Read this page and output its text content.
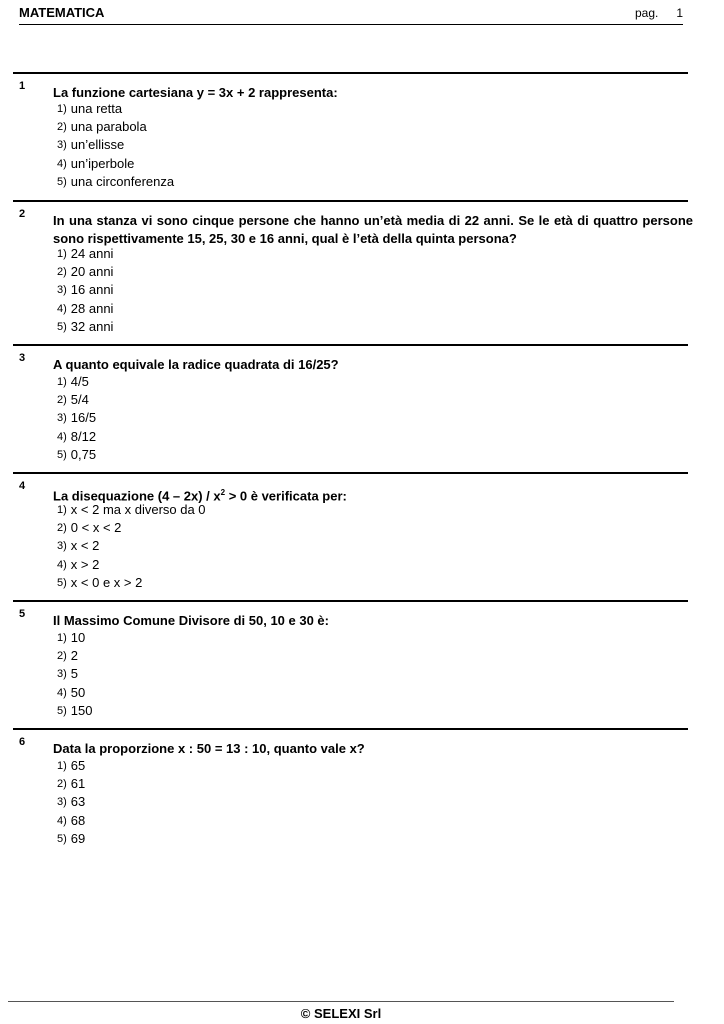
MATEMATICA	pag. 1
1 La funzione cartesiana y = 3x + 2 rappresenta:
1) una retta
2) una parabola
3) un’ellisse
4) un’iperbole
5) una circonferenza
2 In una stanza vi sono cinque persone che hanno un’età media di 22 anni. Se le età di quattro persone sono rispettivamente 15, 25, 30 e 16 anni, qual è l’età della quinta persona?
1) 24 anni
2) 20 anni
3) 16 anni
4) 28 anni
5) 32 anni
3 A quanto equivale la radice quadrata di 16/25?
1) 4/5
2) 5/4
3) 16/5
4) 8/12
5) 0,75
4
La disequazione $(4 - 2x) / x^2 > 0$ è verificata per:
1) x < 2 ma x diverso da 0
2) 0 < x < 2
3) x < 2
4) x > 2
5) x < 0 e x > 2
5 Il Massimo Comune Divisore di 50, 10 e 30 è:
1) 10
2) 2
3) 5
4) 50
5) 150
6 Data la proporzione x : 50 = 13 : 10, quanto vale x?
1) 65
2) 61
3) 63
4) 68
5) 69
© SELEXI Srl
